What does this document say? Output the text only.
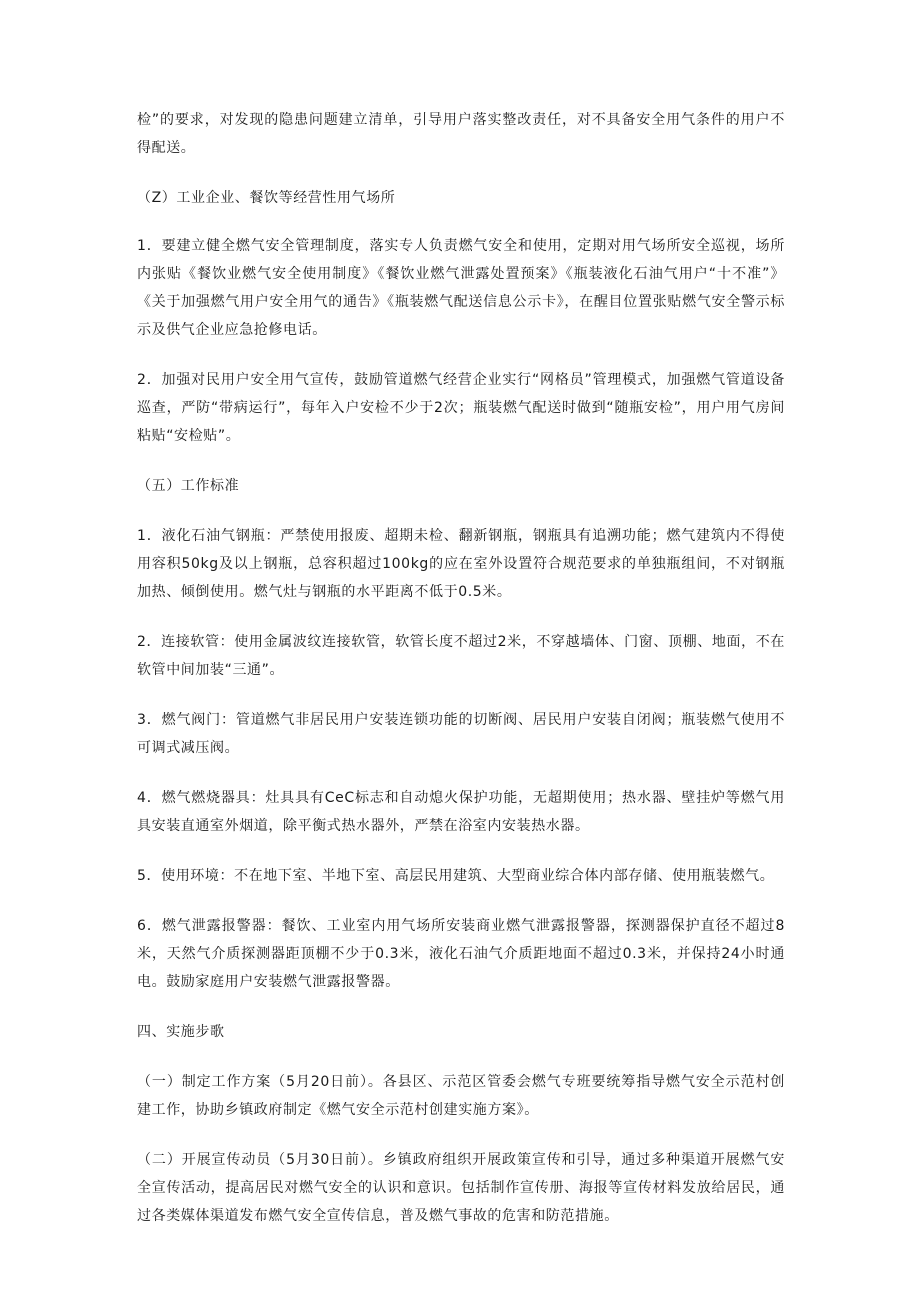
检”的要求，对发现的隐患问题建立清单，引导用户落实整改责任，对不具备安全用气条件的用户不得配送。

（Z）工业企业、餐饮等经营性用气场所

1．要建立健全燃气安全管理制度，落实专人负责燃气安全和使用，定期对用气场所安全巡视，场所内张贴《餐饮业燃气安全使用制度》《餐饮业燃气泄露处置预案》《瓶装液化石油气用户“十不准”》《关于加强燃气用户安全用气的通告》《瓶装燃气配送信息公示卡》，在醒目位置张贴燃气安全警示标示及供气企业应急抢修电话。

2．加强对民用户安全用气宣传，鼓励管道燃气经营企业实行“网格员”管理模式，加强燃气管道设备巡查，严防“带病运行”，每年入户安检不少于2次；瓶装燃气配送时做到“随瓶安检”，用户用气房间粘贴“安检贴”。

（五）工作标准

1．液化石油气钢瓶：严禁使用报废、超期未检、翻新钢瓶，钢瓶具有追溯功能；燃气建筑内不得使用容积50kg及以上钢瓶，总容积超过100kg的应在室外设置符合规范要求的单独瓶组间，不对钢瓶加热、倾倒使用。燃气灶与钢瓶的水平距离不低于0.5米。

2．连接软管：使用金属波纹连接软管，软管长度不超过2米，不穿越墙体、门窗、顶棚、地面，不在软管中间加装“三通”。

3．燃气阀门：管道燃气非居民用户安装连锁功能的切断阀、居民用户安装自闭阀；瓶装燃气使用不可调式减压阀。

4．燃气燃烧器具：灶具具有CeC标志和自动熄火保护功能，无超期使用；热水器、壁挂炉等燃气用具安装直通室外烟道，除平衡式热水器外，严禁在浴室内安装热水器。

5．使用环境：不在地下室、半地下室、高层民用建筑、大型商业综合体内部存储、使用瓶装燃气。

6．燃气泄露报警器：餐饮、工业室内用气场所安装商业燃气泄露报警器，探测器保护直径不超过8米，天然气介质探测器距顶棚不少于0.3米，液化石油气介质距地面不超过0.3米，并保持24小时通电。鼓励家庭用户安装燃气泄露报警器。

四、实施步歌

（一）制定工作方案（5月20日前）。各县区、示范区管委会燃气专班要统筹指导燃气安全示范村创建工作，协助乡镇政府制定《燃气安全示范村创建实施方案》。

（二）开展宣传动员（5月30日前）。乡镇政府组织开展政策宣传和引导，通过多种渠道开展燃气安全宣传活动，提高居民对燃气安全的认识和意识。包括制作宣传册、海报等宣传材料发放给居民，通过各类媒体渠道发布燃气安全宣传信息，普及燃气事故的危害和防范措施。
